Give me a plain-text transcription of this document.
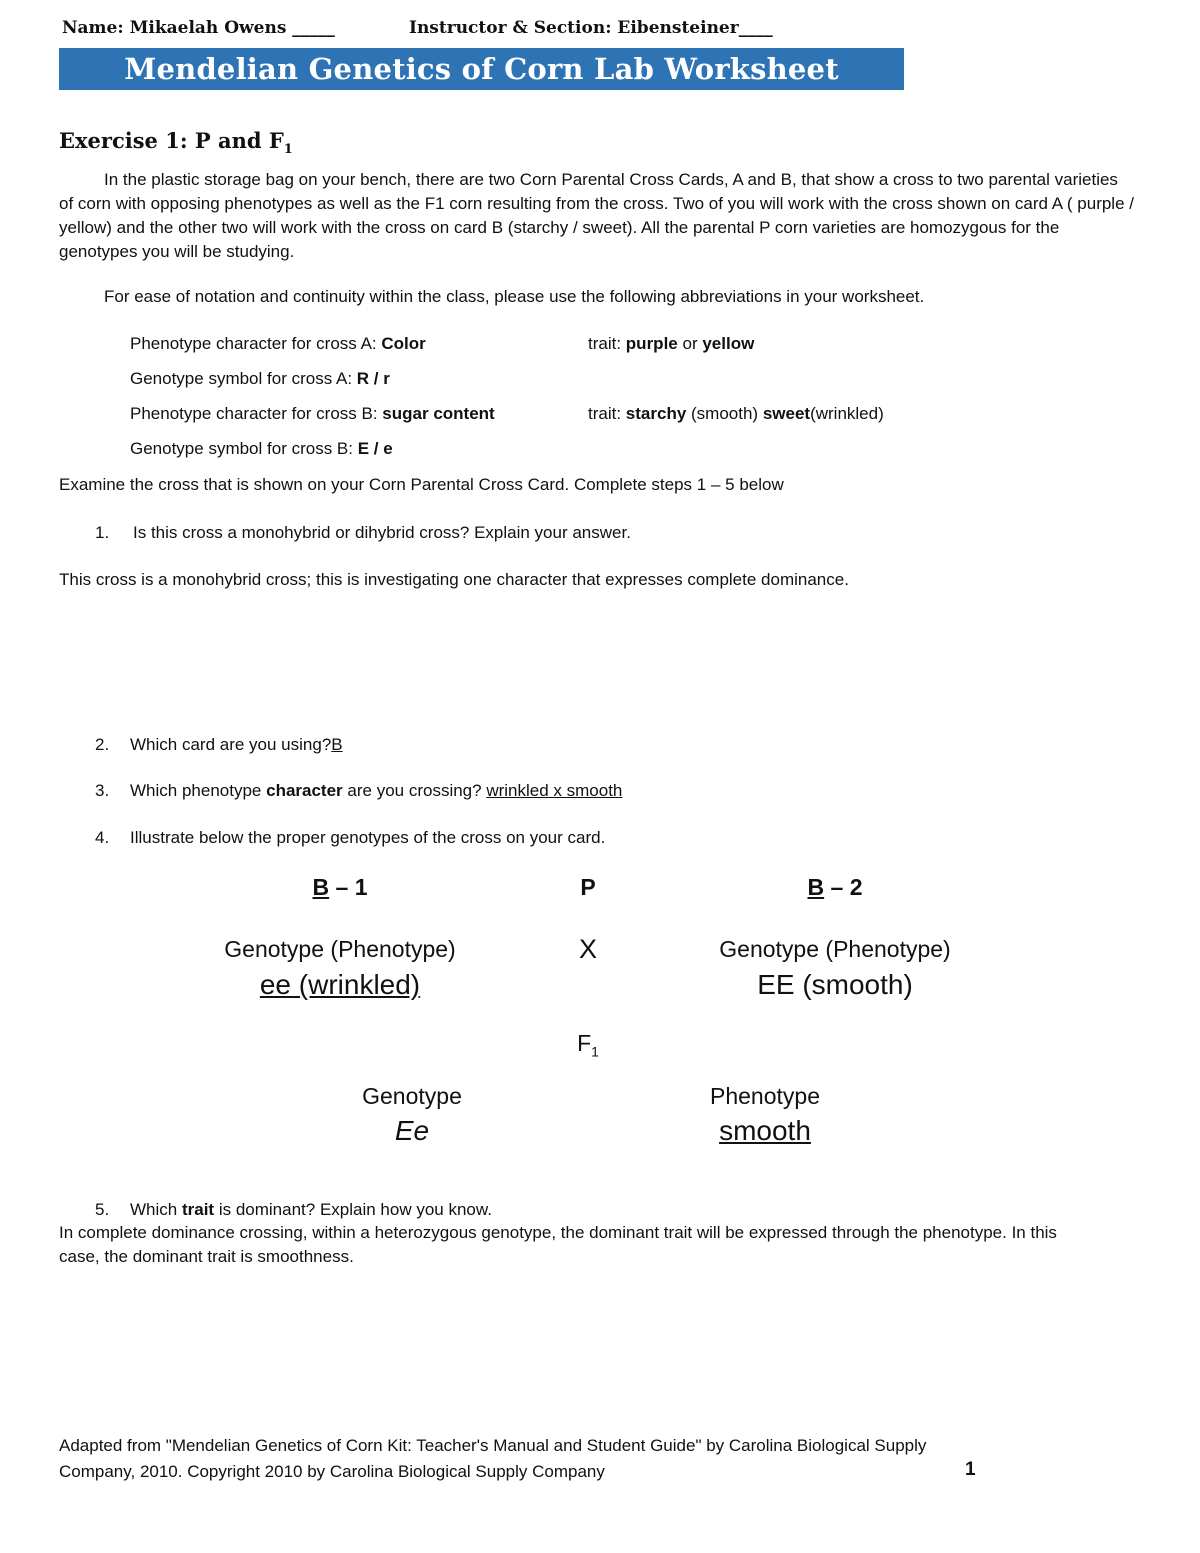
Name: Mikaelah Owens _____	Instructor & Section: Eibensteiner____
Mendelian Genetics of Corn Lab Worksheet
Exercise 1: P and $F_1$
In the plastic storage bag on your bench, there are two Corn Parental Cross Cards, A and B, that show a cross to two parental varieties of corn with opposing phenotypes as well as the F1 corn resulting from the cross. Two of you will work with the cross shown on card A ( purple / yellow) and the other two will work with the cross on card B (starchy / sweet). All the parental P corn varieties are homozygous for the genotypes you will be studying.
For ease of notation and continuity within the class, please use the following abbreviations in your worksheet.
Phenotype character for cross A: Color	trait: purple or yellow
Genotype symbol for cross A: R / r
Phenotype character for cross B: sugar content	trait: starchy (smooth) sweet(wrinkled)
Genotype symbol for cross B: E / e
Examine the cross that is shown on your Corn Parental Cross Card. Complete steps 1 – 5 below
1. Is this cross a monohybrid or dihybrid cross? Explain your answer.
This cross is a monohybrid cross; this is investigating one character that expresses complete dominance.
2. Which card are you using?B
3. Which phenotype character are you crossing? wrinkled x smooth
4. Illustrate below the proper genotypes of the cross on your card.
B – 1	P	B – 2
Genotype (Phenotype)	X	Genotype (Phenotype)
ee (wrinkled)	EE (smooth)
$F_1$
Genotype	Phenotype
Ee	smooth
5. Which trait is dominant? Explain how you know.
In complete dominance crossing, within a heterozygous genotype, the dominant trait will be expressed through the phenotype. In this case, the dominant trait is smoothness.
Adapted from "Mendelian Genetics of Corn Kit: Teacher's Manual and Student Guide" by Carolina Biological Supply
Company, 2010. Copyright 2010 by Carolina Biological Supply Company	1
